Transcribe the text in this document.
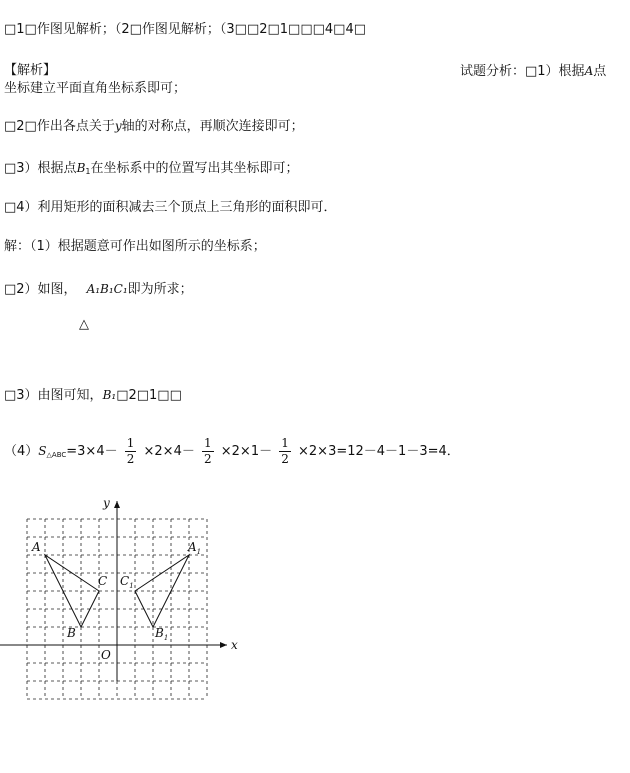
□1□作图见解析；（2□作图见解析；（3□□2□1□□□4□4□
【解析】	试题分析：□1）根据A点
坐标建立平面直角坐标系即可；
□2□作出各点关于y轴的对称点，再顺次连接即可；
□3）根据点$B_1$在坐标系中的位置写出其坐标即可；
□4）利用矩形的面积减去三个顶点上三角形的面积即可．
解：（1）根据题意可作出如图所示的坐标系；
□2）如图， A₁B₁C₁即为所求；
△
□3）由图可知，B₁□2□1□□
$(4)S_{\triangle ABC}=3\times 4- \frac{1}{2} \times 2\times 4- \frac{1}{2} \times 2\times 1- \frac{1}{2} \times 2\times 3=12-4-1-3=4$．
x
y
O
A
B
C
$A_1$
$B_1$
$C_1$
